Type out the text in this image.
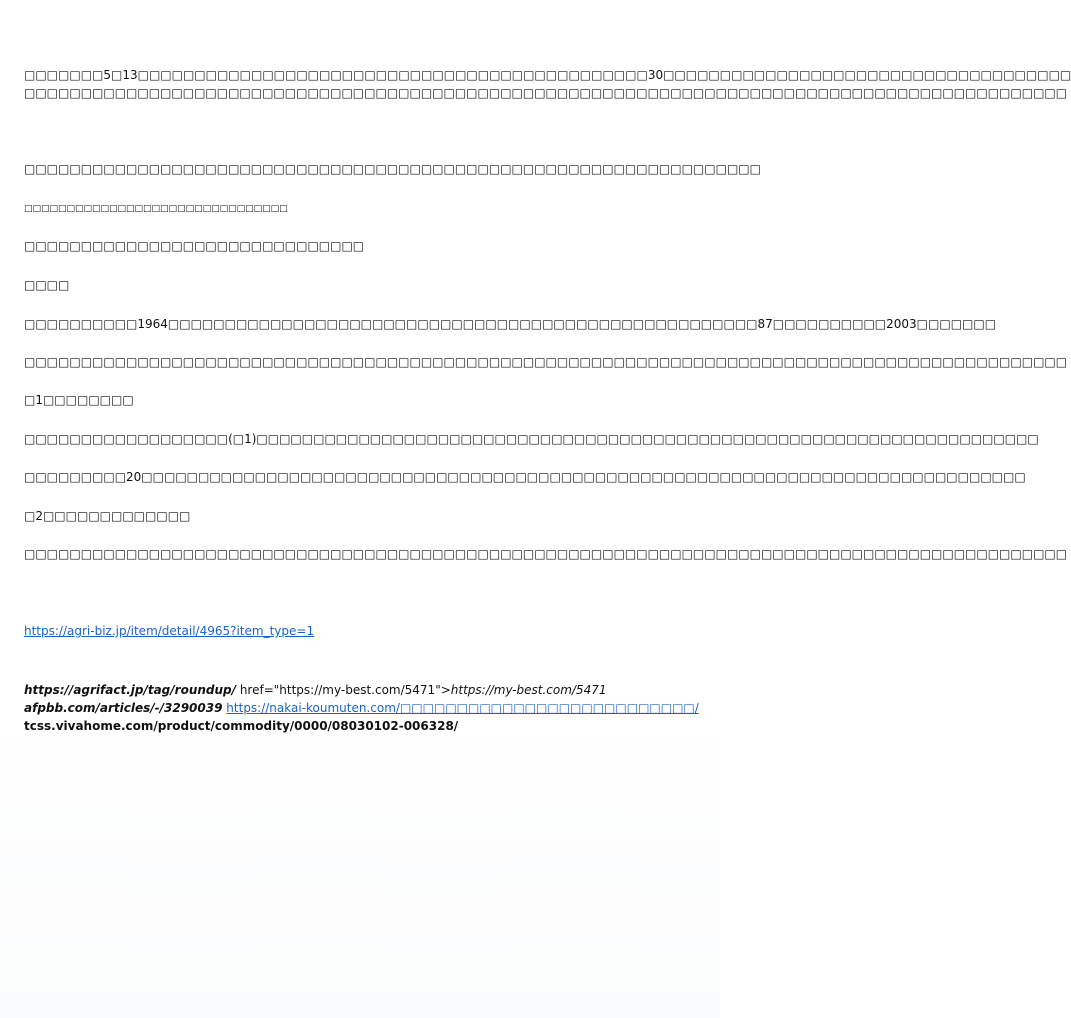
□□□□□□□5□13□□□□□□□□□□□□□□□□□□□□□□□□□□□□□□□□□□□□□□□□□□□□□30□□□□□□□□□□□□□□□□□□□□□□□□□□□□□□□□□□□□
□□□□□□□□□□□□□□□□□□□□□□□□□□□□□□□□□□□□□□□□□□□□□□□□□□□□□□□□□□□□□□□□□□□□□□□□□□□□□□□□□□□□□□□□□□□□
□□□□□□□□□□□□□□□□□□□□□□□□□□□□□□□□□□□□□□□□□□□□□□□□□□□□□□□□□□□□□□□□□
□□□□□□□□□□□□□□□□□□□□□□□□□□□□□□□
□□□□□□□□□□□□□□□□□□□□□□□□□□□□□□
□□□□
□□□□□□□□□□1964□□□□□□□□□□□□□□□□□□□□□□□□□□□□□□□□□□□□□□□□□□□□□□□□□□□□87□□□□□□□□□□2003□□□□□□□
□□□□□□□□□□□□□□□□□□□□□□□□□□□□□□□□□□□□□□□□□□□□□□□□□□□□□□□□□□□□□□□□□□□□□□□□□□□□□□□□□□□□□□□□□□□□
□1□□□□□□□□
□□□□□□□□□□□□□□□□□□(□1)□□□□□□□□□□□□□□□□□□□□□□□□□□□□□□□□□□□□□□□□□□□□□□□□□□□□□□□□□□□□□□□□□□□□□
□□□□□□□□□20□□□□□□□□□□□□□□□□□□□□□□□□□□□□□□□□□□□□□□□□□□□□□□□□□□□□□□□□□□□□□□□□□□□□□□□□□□□□□□
□2□□□□□□□□□□□□□
□□□□□□□□□□□□□□□□□□□□□□□□□□□□□□□□□□□□□□□□□□□□□□□□□□□□□□□□□□□□□□□□□□□□□□□□□□□□□□□□□□□□□□□□□□□□
https://agri-biz.jp/item/detail/4965?item_type=1
https://agrifact.jp/tag/roundup/ href="https://my-best.com/5471">https://my-best.com/5471
afpbb.com/articles/-/3290039 https://nakai-koumuten.com/□□□□□□□□□□□□□□□□□□□□□□□□□□/
tcss.vivahome.com/product/commodity/0000/08030102-006328/
